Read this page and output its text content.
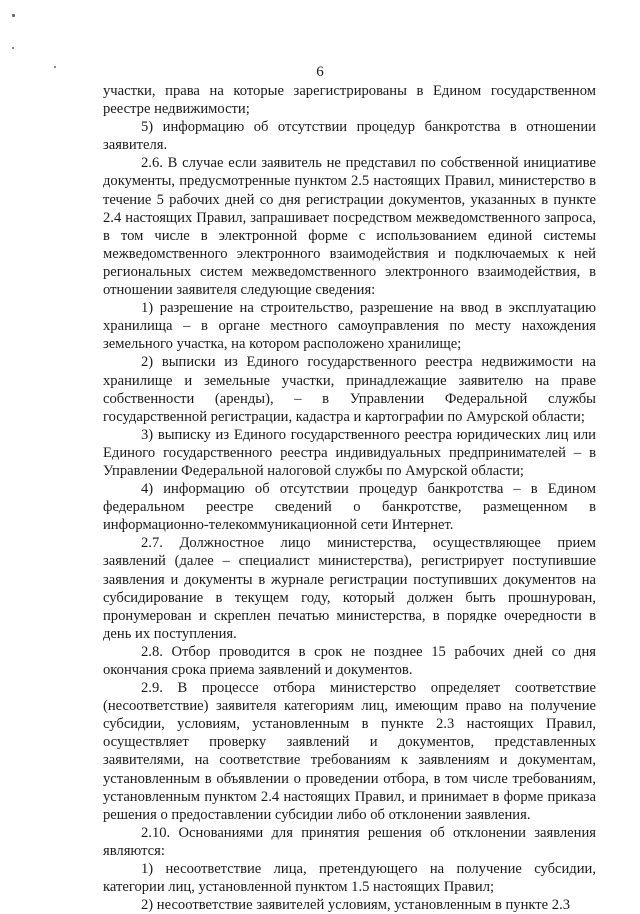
6

участки, права на которые зарегистрированы в Едином государственном реестре недвижимости;

5) информацию об отсутствии процедур банкротства в отношении заявителя.

2.6. В случае если заявитель не представил по собственной инициативе документы, предусмотренные пунктом 2.5 настоящих Правил, министерство в течение 5 рабочих дней со дня регистрации документов, указанных в пункте 2.4 настоящих Правил, запрашивает посредством межведомственного запроса, в том числе в электронной форме с использованием единой системы межведомственного электронного взаимодействия и подключаемых к ней региональных систем межведомственного электронного взаимодействия, в отношении заявителя следующие сведения:

1) разрешение на строительство, разрешение на ввод в эксплуатацию хранилища – в органе местного самоуправления по месту нахождения земельного участка, на котором расположено хранилище;

2) выписки из Единого государственного реестра недвижимости на хранилище и земельные участки, принадлежащие заявителю на праве собственности (аренды), – в Управлении Федеральной службы государственной регистрации, кадастра и картографии по Амурской области;

3) выписку из Единого государственного реестра юридических лиц или Единого государственного реестра индивидуальных предпринимателей – в Управлении Федеральной налоговой службы по Амурской области;

4) информацию об отсутствии процедур банкротства – в Едином федеральном реестре сведений о банкротстве, размещенном в информационно-телекоммуникационной сети Интернет.

2.7. Должностное лицо министерства, осуществляющее прием заявлений (далее – специалист министерства), регистрирует поступившие заявления и документы в журнале регистрации поступивших документов на субсидирование в текущем году, который должен быть прошнурован, пронумерован и скреплен печатью министерства, в порядке очередности в день их поступления.

2.8. Отбор проводится в срок не позднее 15 рабочих дней со дня окончания срока приема заявлений и документов.

2.9. В процессе отбора министерство определяет соответствие (несоответствие) заявителя категориям лиц, имеющим право на получение субсидии, условиям, установленным в пункте 2.3 настоящих Правил, осуществляет проверку заявлений и документов, представленных заявителями, на соответствие требованиям к заявлениям и документам, установленным в объявлении о проведении отбора, в том числе требованиям, установленным пунктом 2.4 настоящих Правил, и принимает в форме приказа решения о предоставлении субсидии либо об отклонении заявления.

2.10. Основаниями для принятия решения об отклонении заявления являются:

1) несоответствие лица, претендующего на получение субсидии, категории лиц, установленной пунктом 1.5 настоящих Правил;

2) несоответствие заявителей условиям, установленным в пункте 2.3
